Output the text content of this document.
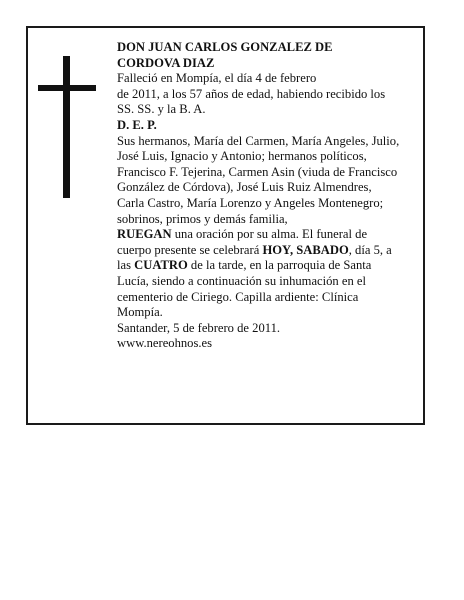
DON JUAN CARLOS GONZALEZ DE
CORDOVA DIAZ

Falleció en Mompía, el día 4 de febrero
de 2011, a los 57 años de edad, habiendo recibido los
SS. SS. y la B. A.

D. E. P.

Sus hermanos, María del Carmen, María Angeles, Julio,
José Luis, Ignacio y Antonio; hermanos políticos,
Francisco F. Tejerina, Carmen Asin (viuda de Francisco
González de Córdova), José Luis Ruiz Almendres,
Carla Castro, María Lorenzo y Angeles Montenegro;
sobrinos, primos y demás familia,

RUEGAN una oración por su alma. El funeral de
cuerpo presente se celebrará HOY, SABADO, día 5, a
las CUATRO de la tarde, en la parroquia de Santa
Lucía, siendo a continuación su inhumación en el
cementerio de Ciriego. Capilla ardiente: Clínica
Mompía.

Santander, 5 de febrero de 2011.

www.nereohnos.es
